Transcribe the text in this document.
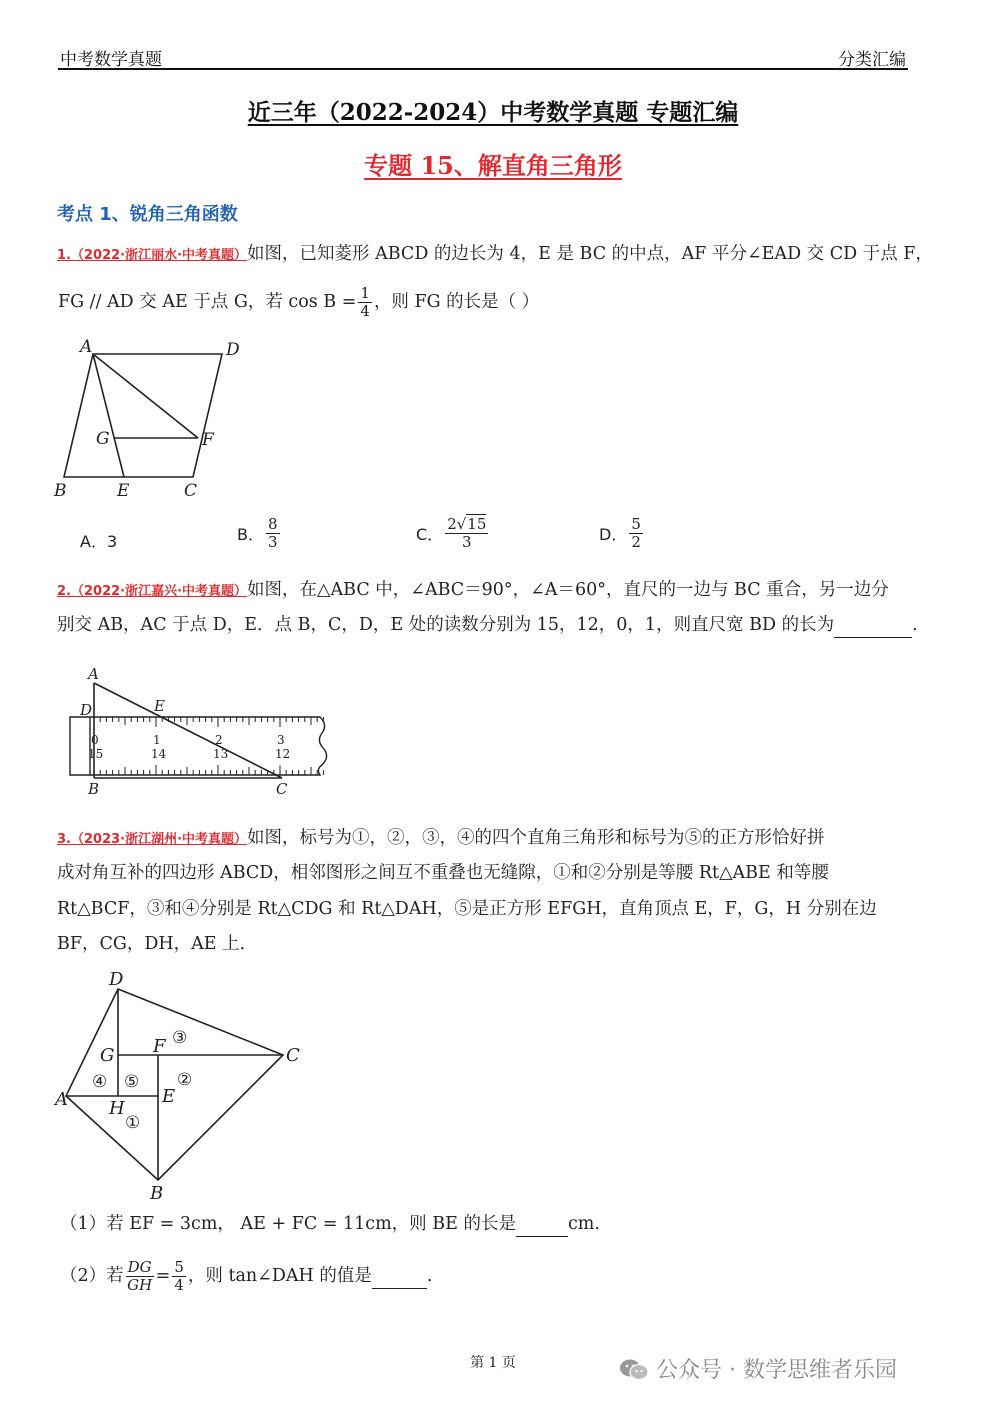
中考数学真题	分类汇编
近三年（2022-2024）中考数学真题 专题汇编
专题 15、解直角三角形
考点 1、锐角三角函数
1.（2022·浙江丽水·中考真题）如图，已知菱形 ABCD 的边长为 4，E 是 BC 的中点，AF 平分∠EAD 交 CD 于点 F，
FG // AD 交 AE 于点 G，若 $\cos B = \frac{1}{4}$ ，则 FG 的长是（ ）
A	D
G	F
B	E	C
A．3	B． $\frac{8}{3}$	C． $\frac{2√15}{3}$	D． $\frac{5}{2}$
2.（2022·浙江嘉兴·中考真题）如图，在△ABC 中，∠ABC＝90°，∠A＝60°，直尺的一边与 BC 重合，另一边分
别交 AB，AC 于点 D，E．点 B，C，D，E 处的读数分别为 15，12，0，1，则直尺宽 BD 的长为	．
A
D	E
B	C
0	1	2	3
15	14	13	12
3.（2023·浙江湖州·中考真题）如图，标号为①，②，③，④的四个直角三角形和标号为⑤的正方形恰好拼
成对角互补的四边形 ABCD，相邻图形之间互不重叠也无缝隙，①和②分别是等腰 Rt△ABE 和等腰
Rt△BCF，③和④分别是 Rt△CDG 和 Rt△DAH，⑤是正方形 EFGH，直角顶点 E，F，G，H 分别在边
BF，CG，DH，AE 上．
D
G F	C
A H
E
B
③
②
④ ⑤
①
（1）若 EF = 3cm， AE + FC = 11cm，则 BE 的长是	cm.
（2）若 $\frac{DG}{GH} = \frac{5}{4}$ ，则 tan∠DAH 的值是	.
第 1 页	公众号 · 数学思维者乐园
